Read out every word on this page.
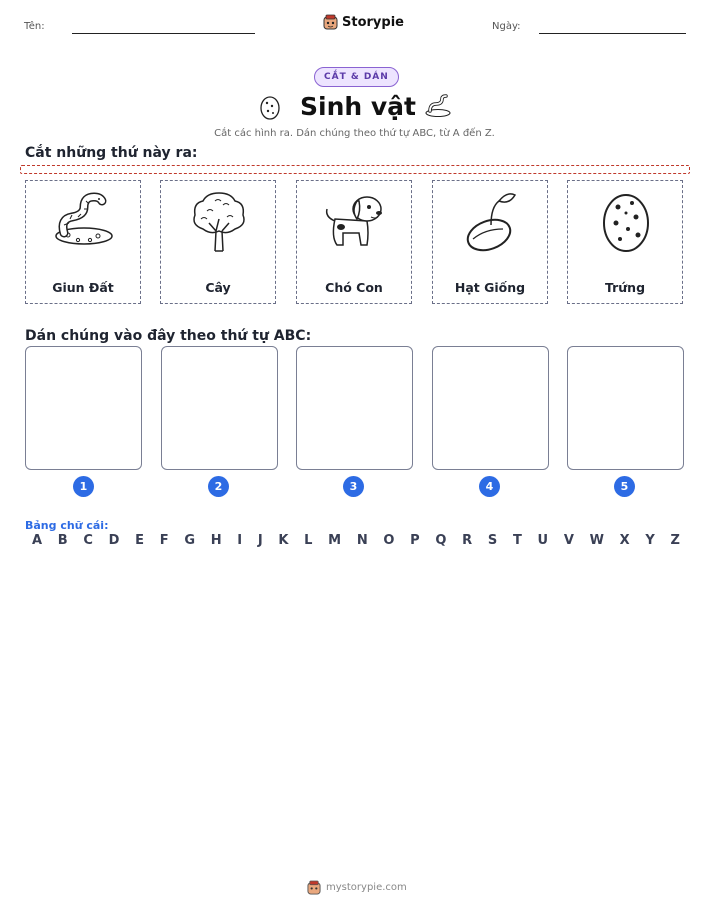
Tên:	Storypie	Ngày:
CẮT & DÁN
Sinh vật
Cắt các hình ra. Dán chúng theo thứ tự ABC, từ A đến Z.
Cắt những thứ này ra:
Giun Đất	Cây	Chó Con	Hạt Giống	Trứng
Dán chúng vào đây theo thứ tự ABC:
1	2	3	4	5
Bảng chữ cái:
A B C D E F G H I J K L M N O P Q R S T U V W X Y Z
mystorypie.com
